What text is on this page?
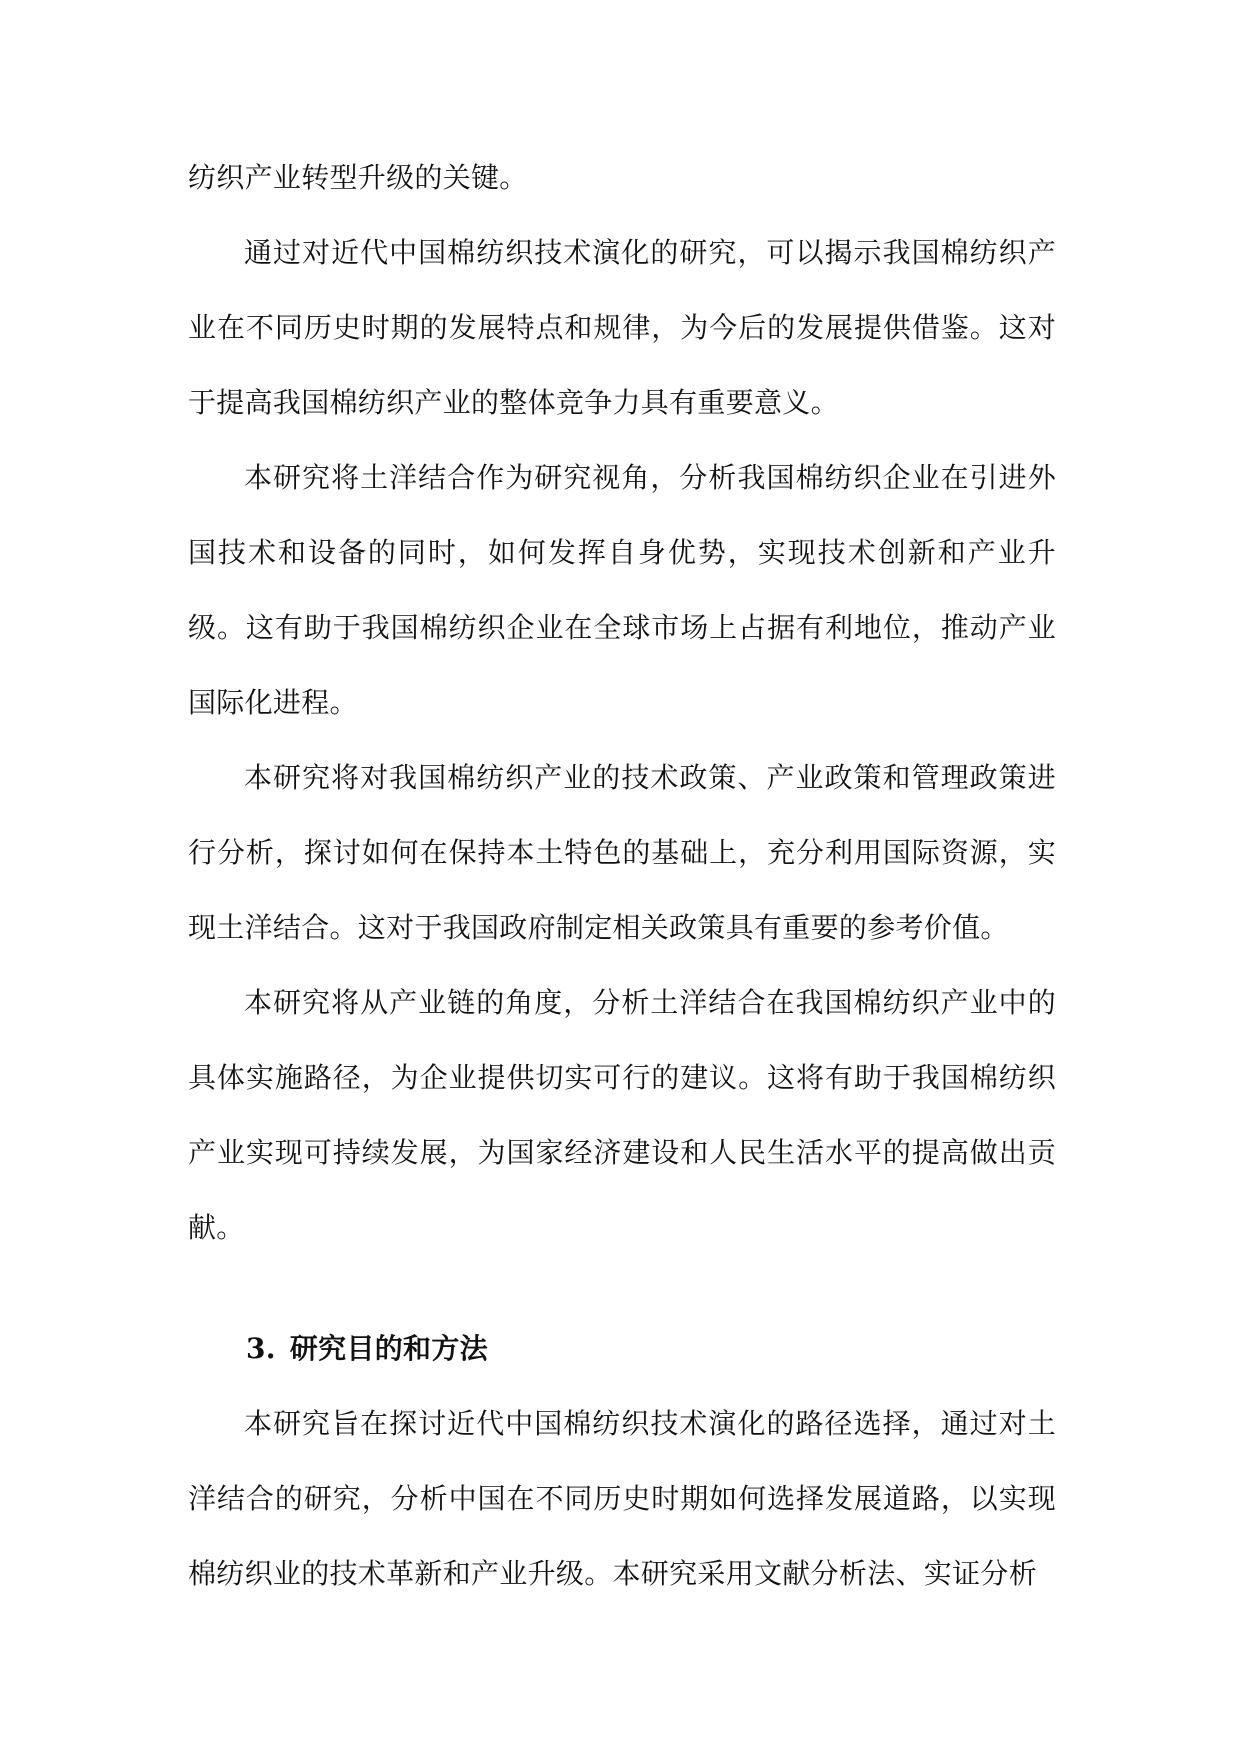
纺织产业转型升级的关键。

通过对近代中国棉纺织技术演化的研究，可以揭示我国棉纺织产业在不同历史时期的发展特点和规律，为今后的发展提供借鉴。这对于提高我国棉纺织产业的整体竞争力具有重要意义。

本研究将土洋结合作为研究视角，分析我国棉纺织企业在引进外国技术和设备的同时，如何发挥自身优势，实现技术创新和产业升级。这有助于我国棉纺织企业在全球市场上占据有利地位，推动产业国际化进程。

本研究将对我国棉纺织产业的技术政策、产业政策和管理政策进行分析，探讨如何在保持本土特色的基础上，充分利用国际资源，实现土洋结合。这对于我国政府制定相关政策具有重要的参考价值。

本研究将从产业链的角度，分析土洋结合在我国棉纺织产业中的具体实施路径，为企业提供切实可行的建议。这将有助于我国棉纺织产业实现可持续发展，为国家经济建设和人民生活水平的提高做出贡献。

3. 研究目的和方法

本研究旨在探讨近代中国棉纺织技术演化的路径选择，通过对土洋结合的研究，分析中国在不同历史时期如何选择发展道路，以实现棉纺织业的技术革新和产业升级。本研究采用文献分析法、实证分析
